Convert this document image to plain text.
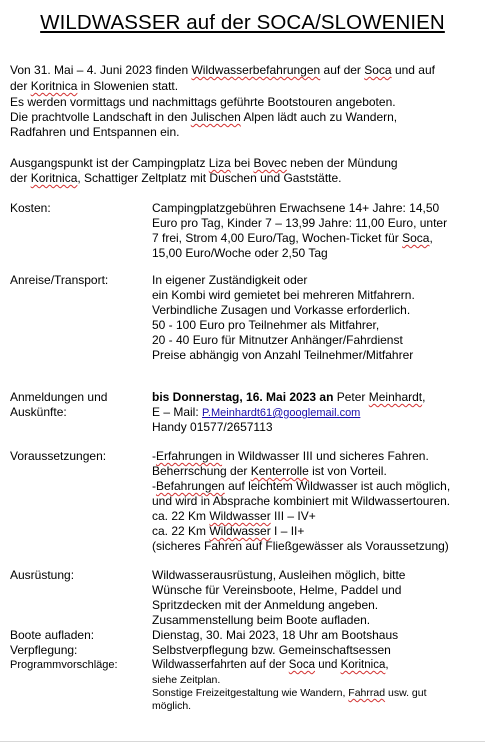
WILDWASSER auf der SOCA/SLOWENIEN
Von 31. Mai – 4. Juni 2023 finden Wildwasserbefahrungen auf der Soca und auf
der Koritnica in Slowenien statt.
Es werden vormittags und nachmittags geführte Bootstouren angeboten.
Die prachtvolle Landschaft in den Julischen Alpen lädt auch zu Wandern,
Radfahren und Entspannen ein.
Ausgangspunkt ist der Campingplatz Liza bei Bovec neben der Mündung
der Koritnica, Schattiger Zeltplatz mit Duschen und Gaststätte.
Kosten:	Campingplatzgebühren Erwachsene 14+ Jahre: 14,50
Euro pro Tag, Kinder 7 – 13,99 Jahre: 11,00 Euro, unter
7 frei, Strom 4,00 Euro/Tag, Wochen-Ticket für Soca,
15,00 Euro/Woche oder 2,50 Tag
Anreise/Transport:	In eigener Zuständigkeit oder
ein Kombi wird gemietet bei mehreren Mitfahrern.
Verbindliche Zusagen und Vorkasse erforderlich.
50 - 100 Euro pro Teilnehmer als Mitfahrer,
20 - 40 Euro für Mitnutzer Anhänger/Fahrdienst
Preise abhängig von Anzahl Teilnehmer/Mitfahrer
Anmeldungen und
Auskünfte:
bis Donnerstag, 16. Mai 2023 an Peter Meinhardt,
E – Mail: P.Meinhardt61@googlemail.com
Handy 01577/2657113
Voraussetzungen:	-Erfahrungen in Wildwasser III und sicheres Fahren.
Beherrschung der Kenterrolle ist von Vorteil.
-Befahrungen auf leichtem Wildwasser ist auch möglich,
und wird in Absprache kombiniert mit Wildwassertouren.
ca. 22 Km Wildwasser III – IV+
ca. 22 Km Wildwasser I – II+
(sicheres Fahren auf Fließgewässer als Voraussetzung)
Ausrüstung:	Wildwasserausrüstung, Ausleihen möglich, bitte
Wünsche für Vereinsboote, Helme, Paddel und
Spritzdecken mit der Anmeldung angeben.
Zusammenstellung beim Boote aufladen.
Boote aufladen:	Dienstag, 30. Mai 2023, 18 Uhr am Bootshaus
Verpflegung:	Selbstverpflegung bzw. Gemeinschaftsessen
Programmvorschläge:	Wildwasserfahrten auf der Soca und Koritnica,
siehe Zeitplan.
Sonstige Freizeitgestaltung wie Wandern, Fahrrad usw. gut
möglich.
